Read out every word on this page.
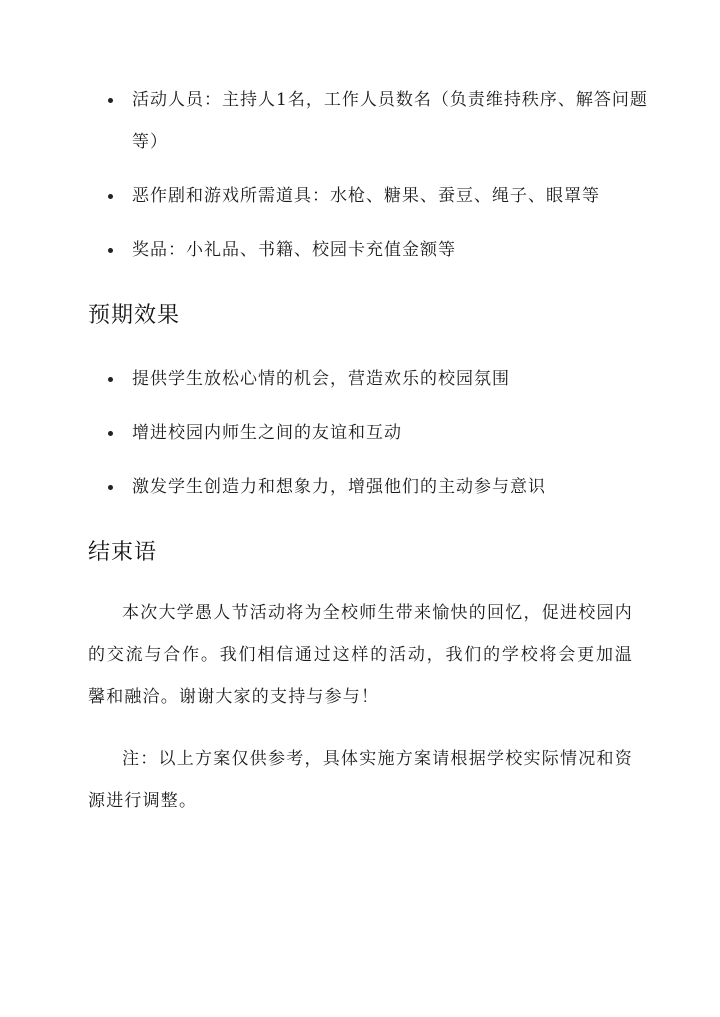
活动人员：主持人1名，工作人员数名（负责维持秩序、解答问题等）
恶作剧和游戏所需道具：水枪、糖果、蚕豆、绳子、眼罩等
奖品：小礼品、书籍、校园卡充值金额等
预期效果
提供学生放松心情的机会，营造欢乐的校园氛围
增进校园内师生之间的友谊和互动
激发学生创造力和想象力，增强他们的主动参与意识
结束语

本次大学愚人节活动将为全校师生带来愉快的回忆，促进校园内的交流与合作。我们相信通过这样的活动，我们的学校将会更加温馨和融洽。谢谢大家的支持与参与！

注：以上方案仅供参考，具体实施方案请根据学校实际情况和资源进行调整。
